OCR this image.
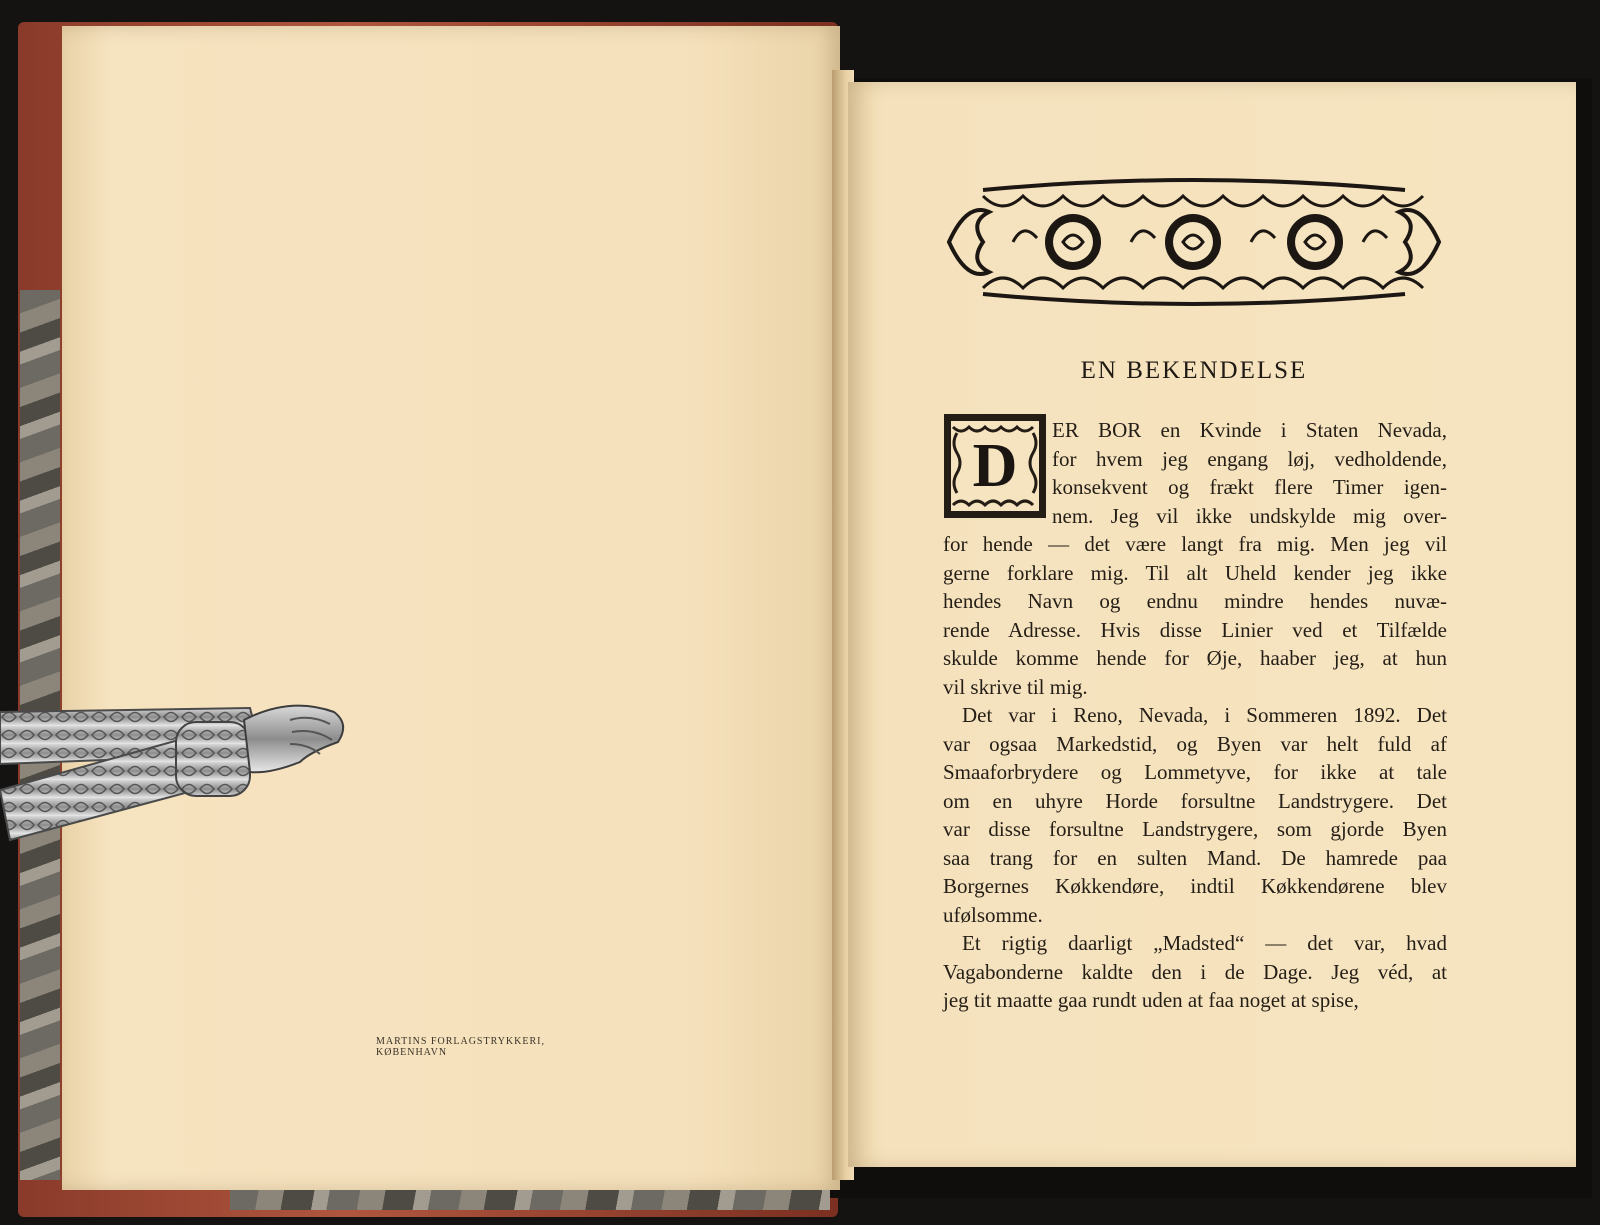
MARTINS FORLAGSTRYKKERI, KØBENHAVN
EN BEKENDELSE
D
ER BOR en Kvinde i Staten Nevada,
for hvem jeg engang løj, vedholdende,
konsekvent og frækt flere Timer igen-
nem. Jeg vil ikke undskylde mig over-
for hende — det være langt fra mig. Men jeg vil
gerne forklare mig. Til alt Uheld kender jeg ikke
hendes Navn og endnu mindre hendes nuvæ-
rende Adresse. Hvis disse Linier ved et Tilfælde
skulde komme hende for Øje, haaber jeg, at hun
vil skrive til mig.
Det var i Reno, Nevada, i Sommeren 1892. Det
var ogsaa Markedstid, og Byen var helt fuld af
Smaaforbrydere og Lommetyve, for ikke at tale
om en uhyre Horde forsultne Landstrygere. Det
var disse forsultne Landstrygere, som gjorde Byen
saa trang for en sulten Mand. De hamrede paa
Borgernes Køkkendøre, indtil Køkkendørene blev
ufølsomme.
Et rigtig daarligt „Madsted“ — det var, hvad
Vagabonderne kaldte den i de Dage. Jeg véd, at
jeg tit maatte gaa rundt uden at faa noget at spise,
